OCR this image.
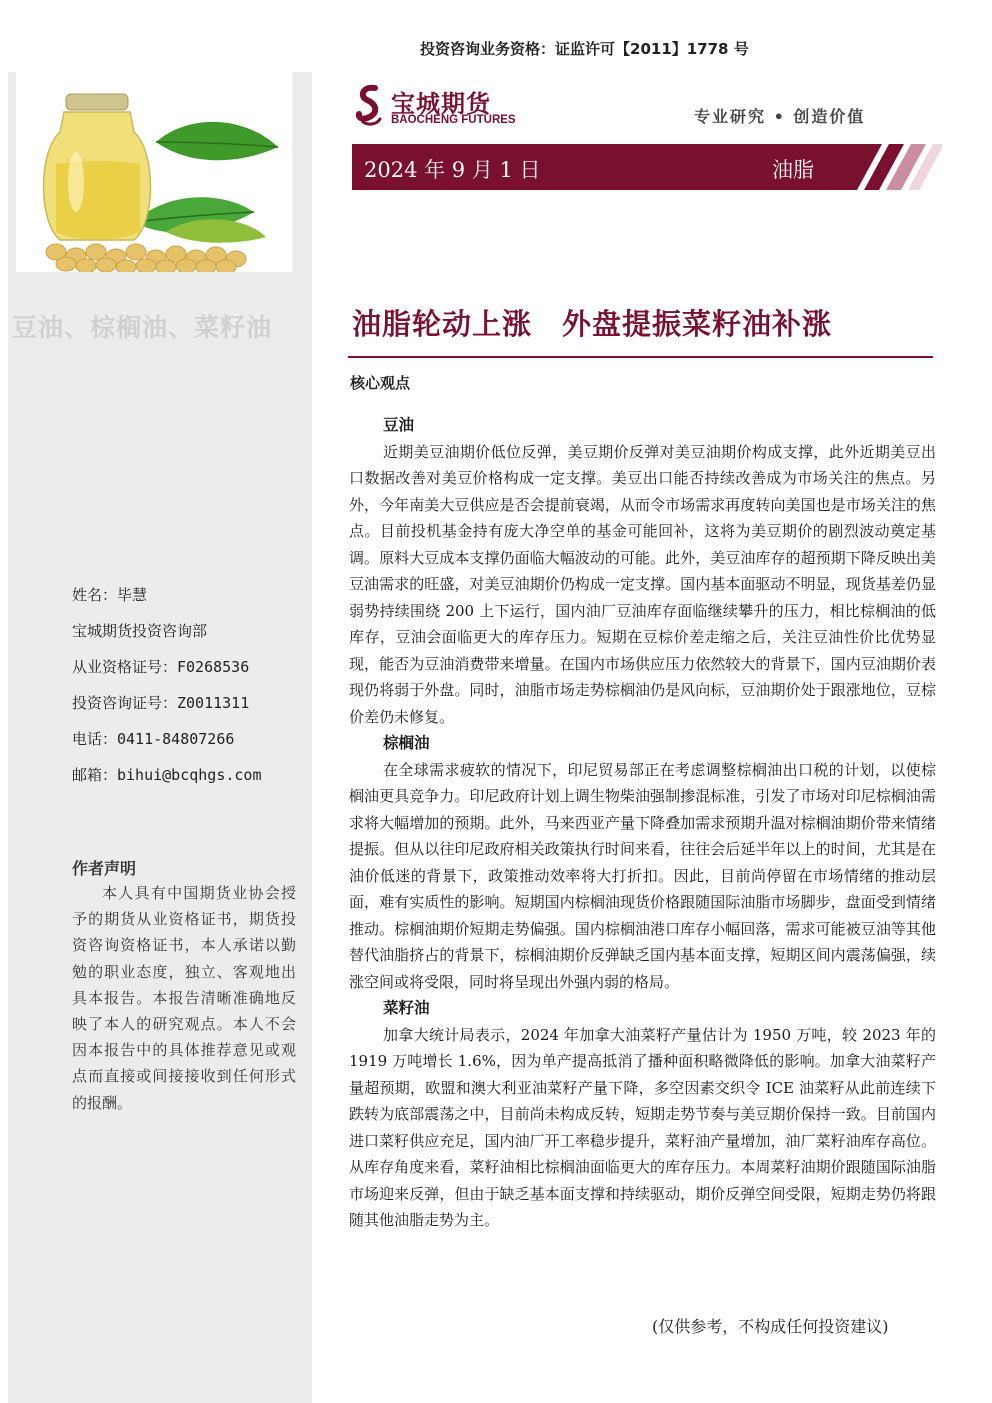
投资咨询业务资格：证监许可【2011】1778 号
宝城期货
BAOCHENG FUTURES	专业研究 • 创造价值
2024 年 9 月 1 日	油脂
豆油、棕榈油、菜籽油
姓名：毕慧
宝城期货投资咨询部
从业资格证号：F0268536
投资咨询证号：Z0011311
电话：0411-84807266
邮箱：bihui@bcqhgs.com
作者声明
本人具有中国期货业协会授予的期货从业资格证书，期货投资咨询资格证书，本人承诺以勤勉的职业态度，独立、客观地出具本报告。本报告清晰准确地反映了本人的研究观点。本人不会因本报告中的具体推荐意见或观点而直接或间接接收到任何形式的报酬。
油脂轮动上涨　外盘提振菜籽油补涨
核心观点
豆油

近期美豆油期价低位反弹，美豆期价反弹对美豆油期价构成支撑，此外近期美豆出口数据改善对美豆价格构成一定支撑。美豆出口能否持续改善成为市场关注的焦点。另外，今年南美大豆供应是否会提前衰竭，从而令市场需求再度转向美国也是市场关注的焦点。目前投机基金持有庞大净空单的基金可能回补，这将为美豆期价的剧烈波动奠定基调。原料大豆成本支撑仍面临大幅波动的可能。此外，美豆油库存的超预期下降反映出美豆油需求的旺盛，对美豆油期价仍构成一定支撑。国内基本面驱动不明显，现货基差仍显弱势持续围绕 200 上下运行，国内油厂豆油库存面临继续攀升的压力，相比棕榈油的低库存，豆油会面临更大的库存压力。短期在豆棕价差走缩之后，关注豆油性价比优势显现，能否为豆油消费带来增量。在国内市场供应压力依然较大的背景下，国内豆油期价表现仍将弱于外盘。同时，油脂市场走势棕榈油仍是风向标，豆油期价处于跟涨地位，豆棕价差仍未修复。

棕榈油

在全球需求疲软的情况下，印尼贸易部正在考虑调整棕榈油出口税的计划，以使棕榈油更具竞争力。印尼政府计划上调生物柴油强制掺混标准，引发了市场对印尼棕榈油需求将大幅增加的预期。此外，马来西亚产量下降叠加需求预期升温对棕榈油期价带来情绪提振。但从以往印尼政府相关政策执行时间来看，往往会后延半年以上的时间，尤其是在油价低迷的背景下，政策推动效率将大打折扣。因此，目前尚停留在市场情绪的推动层面，难有实质性的影响。短期国内棕榈油现货价格跟随国际油脂市场脚步，盘面受到情绪推动。棕榈油期价短期走势偏强。国内棕榈油港口库存小幅回落，需求可能被豆油等其他替代油脂挤占的背景下，棕榈油期价反弹缺乏国内基本面支撑，短期区间内震荡偏强，续涨空间或将受限，同时将呈现出外强内弱的格局。

菜籽油

加拿大统计局表示，2024 年加拿大油菜籽产量估计为 1950 万吨，较 2023 年的 1919 万吨增长 1.6%，因为单产提高抵消了播种面积略微降低的影响。加拿大油菜籽产量超预期，欧盟和澳大利亚油菜籽产量下降，多空因素交织令 ICE 油菜籽从此前连续下跌转为底部震荡之中，目前尚未构成反转，短期走势节奏与美豆期价保持一致。目前国内进口菜籽供应充足，国内油厂开工率稳步提升，菜籽油产量增加，油厂菜籽油库存高位。从库存角度来看，菜籽油相比棕榈油面临更大的库存压力。本周菜籽油期价跟随国际油脂市场迎来反弹，但由于缺乏基本面支撑和持续驱动，期价反弹空间受限，短期走势仍将跟随其他油脂走势为主。

(仅供参考，不构成任何投资建议)
